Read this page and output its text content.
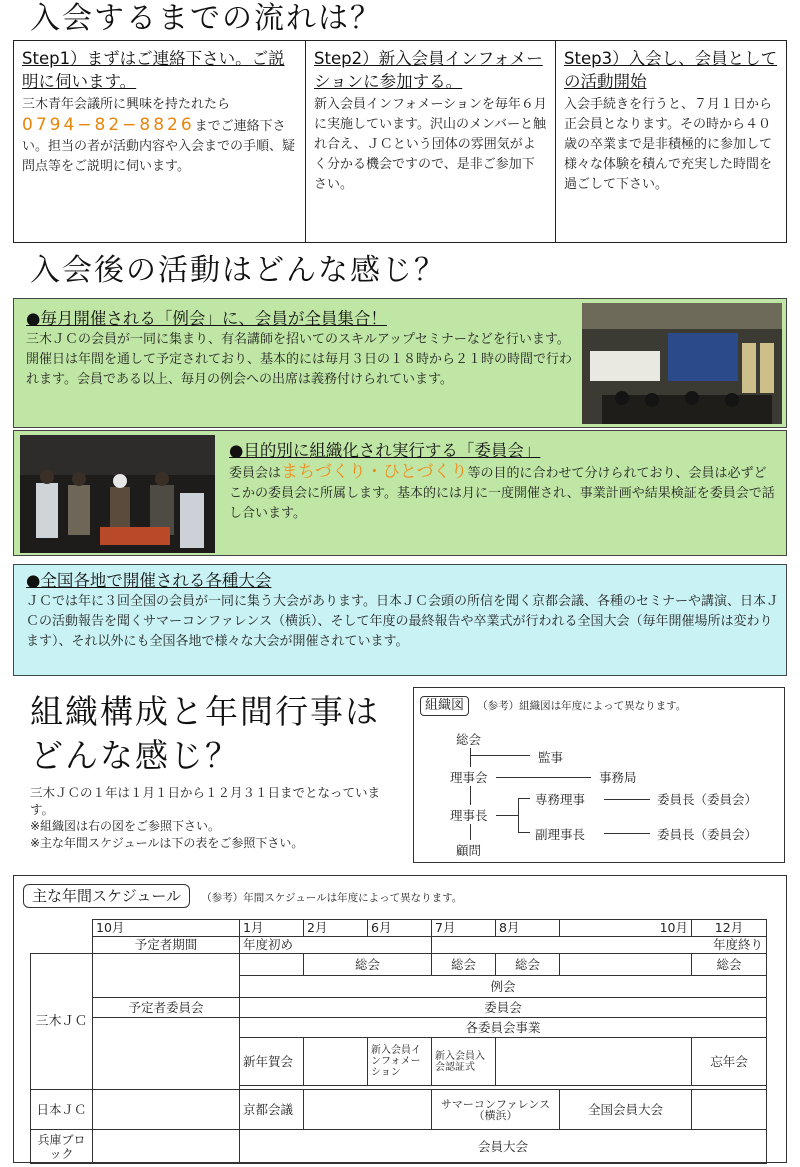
入会するまでの流れは？
Step1）まずはご連絡下さい。ご説明に伺います。
三木青年会議所に興味を持たれたら0794−82−8826までご連絡下さい。担当の者が活動内容や入会までの手順、疑問点等をご説明に伺います。
Step2）新入会員インフォメーションに参加する。
新入会員インフォメーションを毎年６月に実施しています。沢山のメンバーと触れ合え、ＪＣという団体の雰囲気がよく分かる機会ですので、是非ご参加下さい。
Step3）入会し、会員としての活動開始
入会手続きを行うと、７月１日から正会員となります。その時から４０歳の卒業まで是非積極的に参加して様々な体験を積んで充実した時間を過ごして下さい。
入会後の活動はどんな感じ？
●毎月開催される「例会」に、会員が全員集合！
三木ＪＣの会員が一同に集まり、有名講師を招いてのスキルアップセミナーなどを行います。開催日は年間を通して予定されており、基本的には毎月３日の１８時から２１時の時間で行われます。会員である以上、毎月の例会への出席は義務付けられています。
●目的別に組織化され実行する「委員会」
委員会はまちづくり・ひとづくり等の目的に合わせて分けられており、会員は必ずどこかの委員会に所属します。基本的には月に一度開催され、事業計画や結果検証を委員会で話し合います。
●全国各地で開催される各種大会
ＪＣでは年に３回全国の会員が一同に集う大会があります。日本ＪＣ会頭の所信を聞く京都会議、各種のセミナーや講演、日本ＪＣの活動報告を聞くサマーコンファレンス（横浜）、そして年度の最終報告や卒業式が行われる全国大会（毎年開催場所は変わります）、それ以外にも全国各地で様々な大会が開催されています。
組織構成と年間行事は
どんな感じ？
三木ＪＣの１年は１月１日から１２月３１日までとなっています。
※組織図は右の図をご参照下さい。
※主な年間スケジュールは下の表をご参照下さい。
組織図 （参考）組織図は年度によって異なります。
総会
監事
理事会	事務局
理事長
専務理事	委員長（委員会）
副理事長	委員長（委員会）
顧問
主な年間スケジュール （参考）年間スケジュールは年度によって異なります。
	10月	1月	2月	6月	7月	8月	10月	12月
	予定者期間	年度初め			年度終り			
三木ＪＣ			総会		総会	総会		総会
		例会						
	予定者委員会	委員会						
		各委員会事業						
		新年賀会		新入会員インフォメーション	新入会員入会認証式			忘年会

日本ＪＣ		京都会議			サマーコンファレンス（横浜）		全国会員大会	
兵庫ブロック		会員大会						
